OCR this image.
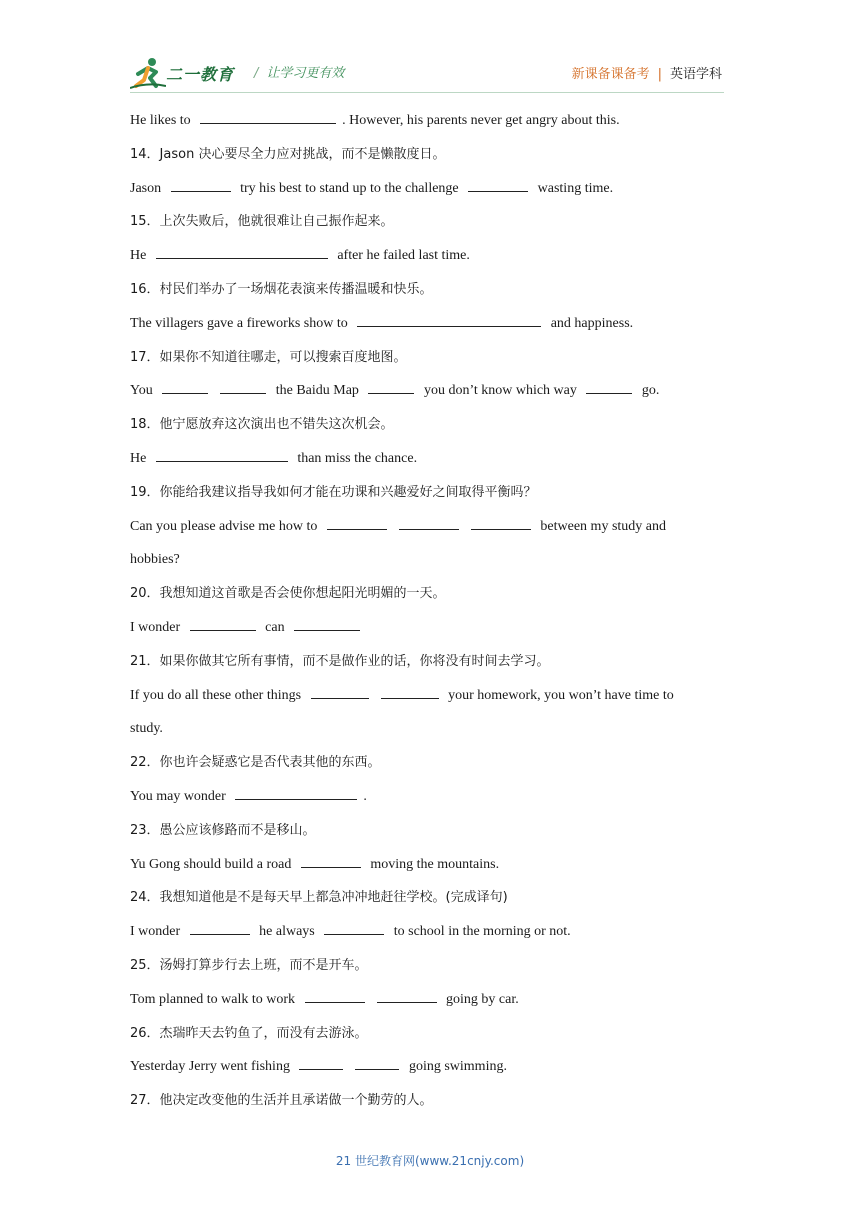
二一教育 / 让学习更有效	新课备课备考 | 英语学科
He likes to	. However, his parents never get angry about this.
14．Jason 决心要尽全力应对挑战，而不是懒散度日。
Jason	try his best to stand up to the challenge	wasting time.
15．上次失败后，他就很难让自己振作起来。
He	after he failed last time.
16．村民们举办了一场烟花表演来传播温暖和快乐。
The villagers gave a fireworks show to	and happiness.
17．如果你不知道往哪走，可以搜索百度地图。
You	the Baidu Map	you don’t know which way	go.
18．他宁愿放弃这次演出也不错失这次机会。
He	than miss the chance.
19．你能给我建议指导我如何才能在功课和兴趣爱好之间取得平衡吗？
Can you please advise me how to	between my study and
hobbies?
20．我想知道这首歌是否会使你想起阳光明媚的一天。
I wonder	can
21．如果你做其它所有事情，而不是做作业的话，你将没有时间去学习。
If you do all these other things	your homework, you won’t have time to
study.
22．你也许会疑惑它是否代表其他的东西。
You may wonder	.
23．愚公应该修路而不是移山。
Yu Gong should build a road	moving the mountains.
24．我想知道他是不是每天早上都急冲冲地赶往学校。(完成译句)
I wonder	he always	to school in the morning or not.
25．汤姆打算步行去上班，而不是开车。
Tom planned to walk to work	going by car.
26．杰瑞昨天去钓鱼了，而没有去游泳。
Yesterday Jerry went fishing	going swimming.
27．他决定改变他的生活并且承诺做一个勤劳的人。
21 世纪教育网(www.21cnjy.com)
